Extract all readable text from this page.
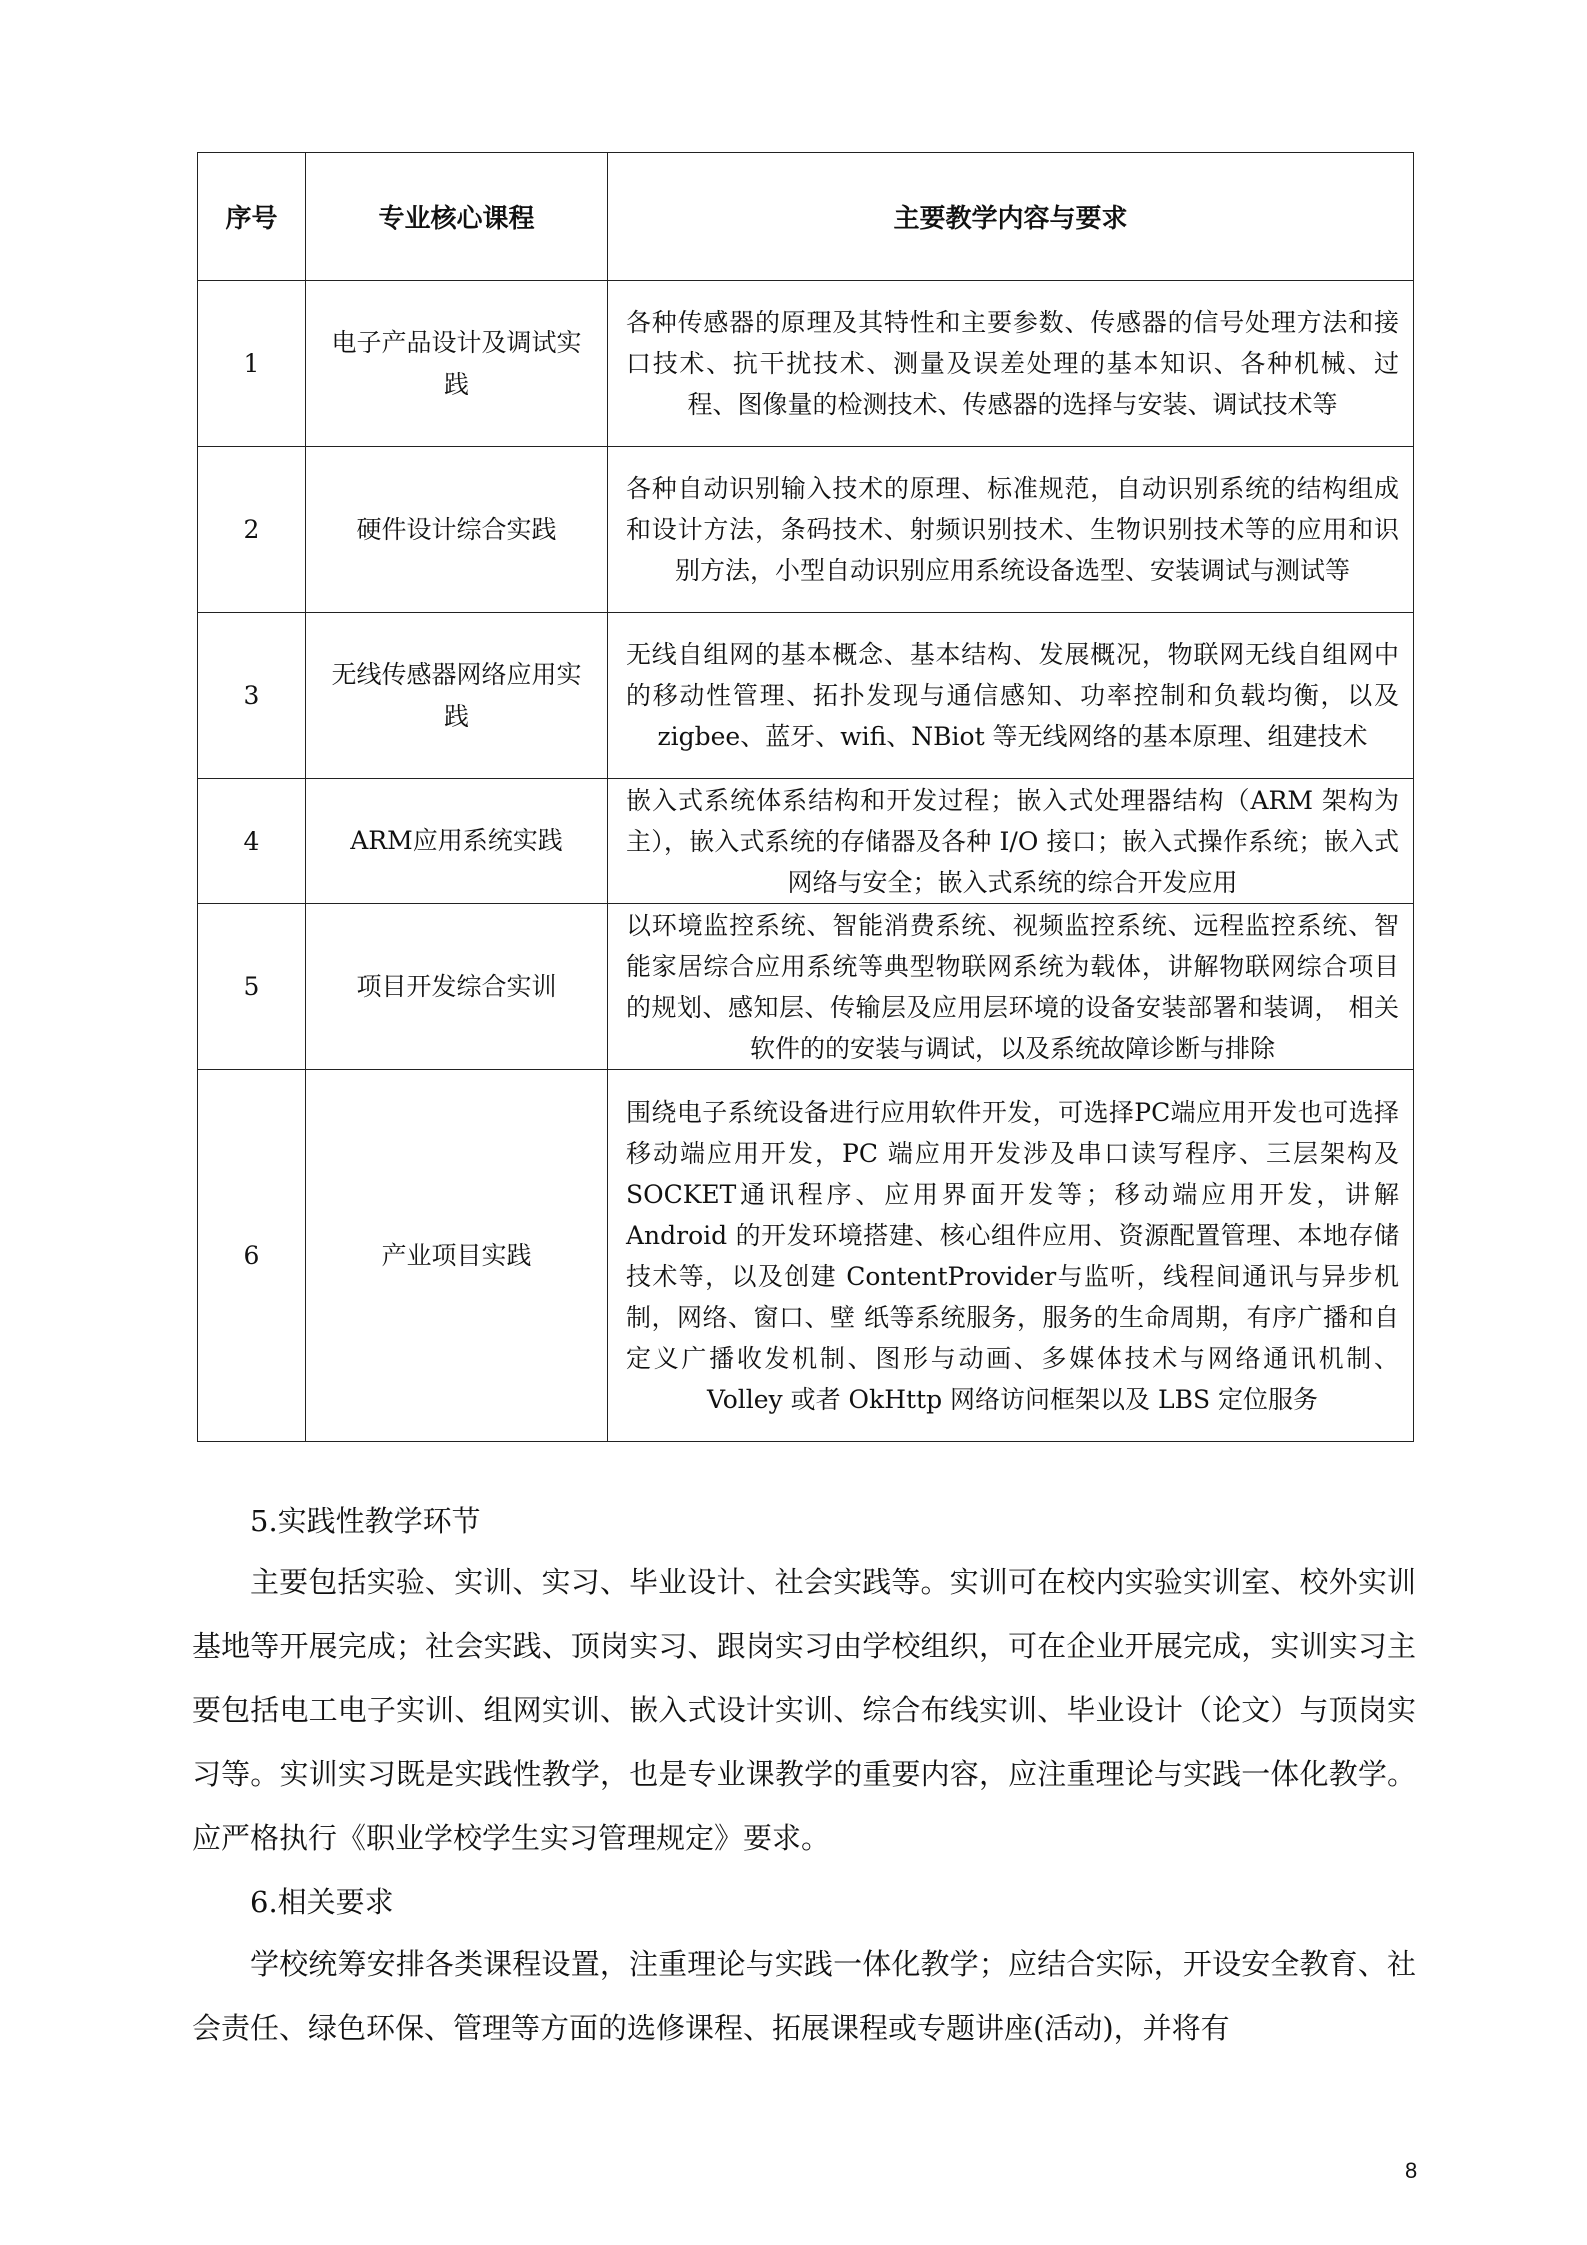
序号	专业核心课程	主要教学内容与要求
1	电子产品设计及调试实践	各种传感器的原理及其特性和主要参数、传感器的信号处理方法和接口技术、抗干扰技术、测量及误差处理的基本知识、各种机械、过程、图像量的检测技术、传感器的选择与安装、调试技术等
2	硬件设计综合实践	各种自动识别输入技术的原理、标准规范，自动识别系统的结构组成和设计方法，条码技术、射频识别技术、生物识别技术等的应用和识别方法，小型自动识别应用系统设备选型、安装调试与测试等
3	无线传感器网络应用实践	无线自组网的基本概念、基本结构、发展概况，物联网无线自组网中的移动性管理、拓扑发现与通信感知、功率控制和负载均衡，以及 zigbee、蓝牙、wifi、NBiot 等无线网络的基本原理、组建技术
4	ARM应用系统实践	嵌入式系统体系结构和开发过程；嵌入式处理器结构（ARM 架构为主），嵌入式系统的存储器及各种 I/O 接口；嵌入式操作系统；嵌入式网络与安全；嵌入式系统的综合开发应用
5	项目开发综合实训	以环境监控系统、智能消费系统、视频监控系统、远程监控系统、智能家居综合应用系统等典型物联网系统为载体，讲解物联网综合项目的规划、感知层、传输层及应用层环境的设备安装部署和装调， 相关软件的的安装与调试，以及系统故障诊断与排除
6	产业项目实践	围绕电子系统设备进行应用软件开发，可选择PC端应用开发也可选择移动端应用开发，PC 端应用开发涉及串口读写程序、三层架构及 SOCKET通讯程序、应用界面开发等；移动端应用开发，讲解Android 的开发环境搭建、核心组件应用、资源配置管理、本地存储技术等，以及创建 ContentProvider与监听，线程间通讯与异步机制，网络、窗口、壁 纸等系统服务，服务的生命周期，有序广播和自定义广播收发机制、图形与动画、多媒体技术与网络通讯机制、Volley 或者 OkHttp 网络访问框架以及 LBS 定位服务
5.实践性教学环节

主要包括实验、实训、实习、毕业设计、社会实践等。实训可在校内实验实训室、校外实训基地等开展完成；社会实践、顶岗实习、跟岗实习由学校组织，可在企业开展完成，实训实习主要包括电工电子实训、组网实训、嵌入式设计实训、综合布线实训、毕业设计（论文）与顶岗实习等。实训实习既是实践性教学，也是专业课教学的重要内容，应注重理论与实践一体化教学。应严格执行《职业学校学生实习管理规定》要求。

6.相关要求

学校统筹安排各类课程设置，注重理论与实践一体化教学；应结合实际，开设安全教育、社会责任、绿色环保、管理等方面的选修课程、拓展课程或专题讲座(活动)，并将有

8
